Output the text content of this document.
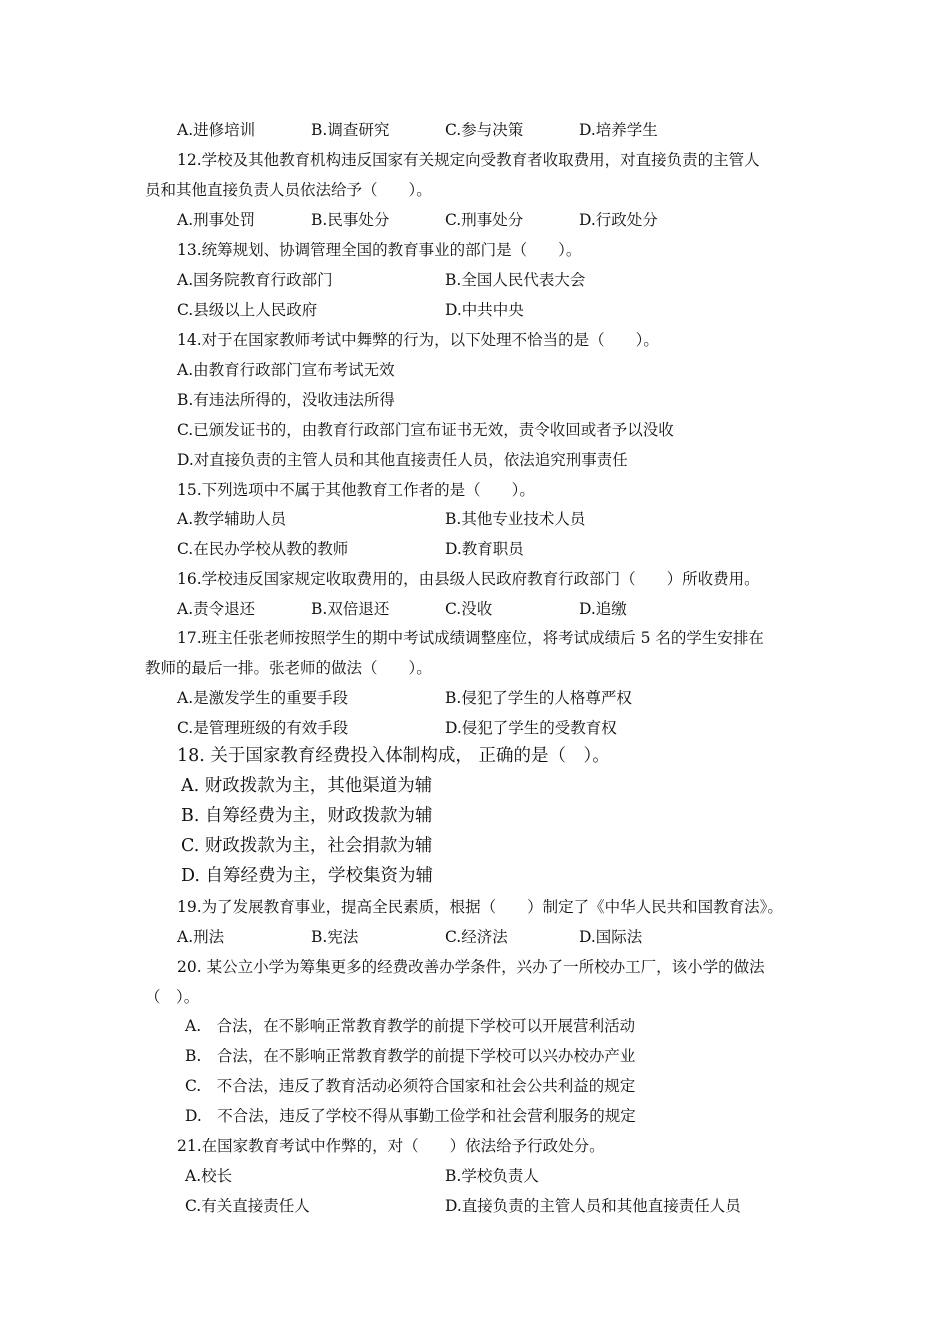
A.进修培训	B.调查研究	C.参与决策	D.培养学生
12.学校及其他教育机构违反国家有关规定向受教育者收取费用，对直接负责的主管人
员和其他直接负责人员依法给予（　　）。
A.刑事处罚	B.民事处分	C.刑事处分	D.行政处分
13.统筹规划、协调管理全国的教育事业的部门是（　　）。
A.国务院教育行政部门	B.全国人民代表大会
C.县级以上人民政府	D.中共中央
14.对于在国家教师考试中舞弊的行为，以下处理不恰当的是（　　）。
A.由教育行政部门宣布考试无效
B.有违法所得的，没收违法所得
C.已颁发证书的，由教育行政部门宣布证书无效，责令收回或者予以没收
D.对直接负责的主管人员和其他直接责任人员，依法追究刑事责任
15.下列选项中不属于其他教育工作者的是（　　）。
A.教学辅助人员	B.其他专业技术人员
C.在民办学校从教的教师	D.教育职员
16.学校违反国家规定收取费用的，由县级人民政府教育行政部门（　　）所收费用。
A.责令退还	B.双倍退还	C.没收	D.追缴
17.班主任张老师按照学生的期中考试成绩调整座位，将考试成绩后 5 名的学生安排在
教师的最后一排。张老师的做法（　　）。
A.是激发学生的重要手段	B.侵犯了学生的人格尊严权
C.是管理班级的有效手段	D.侵犯了学生的受教育权
18. 关于国家教育经费投入体制构成， 正确的是（　）。
A. 财政拨款为主，其他渠道为辅
B. 自筹经费为主，财政拨款为辅
C. 财政拨款为主，社会捐款为辅
D. 自筹经费为主，学校集资为辅
19.为了发展教育事业，提高全民素质，根据（　　）制定了《中华人民共和国教育法》。
A.刑法	B.宪法	C.经济法	D.国际法
20. 某公立小学为筹集更多的经费改善办学条件，兴办了一所校办工厂，该小学的做法
（　）。
A.　合法，在不影响正常教育教学的前提下学校可以开展营利活动
B.　合法，在不影响正常教育教学的前提下学校可以兴办校办产业
C.　不合法，违反了教育活动必须符合国家和社会公共利益的规定
D.　不合法，违反了学校不得从事勤工俭学和社会营利服务的规定
21.在国家教育考试中作弊的，对（　　）依法给予行政处分。
A.校长	B.学校负责人
C.有关直接责任人	D.直接负责的主管人员和其他直接责任人员
